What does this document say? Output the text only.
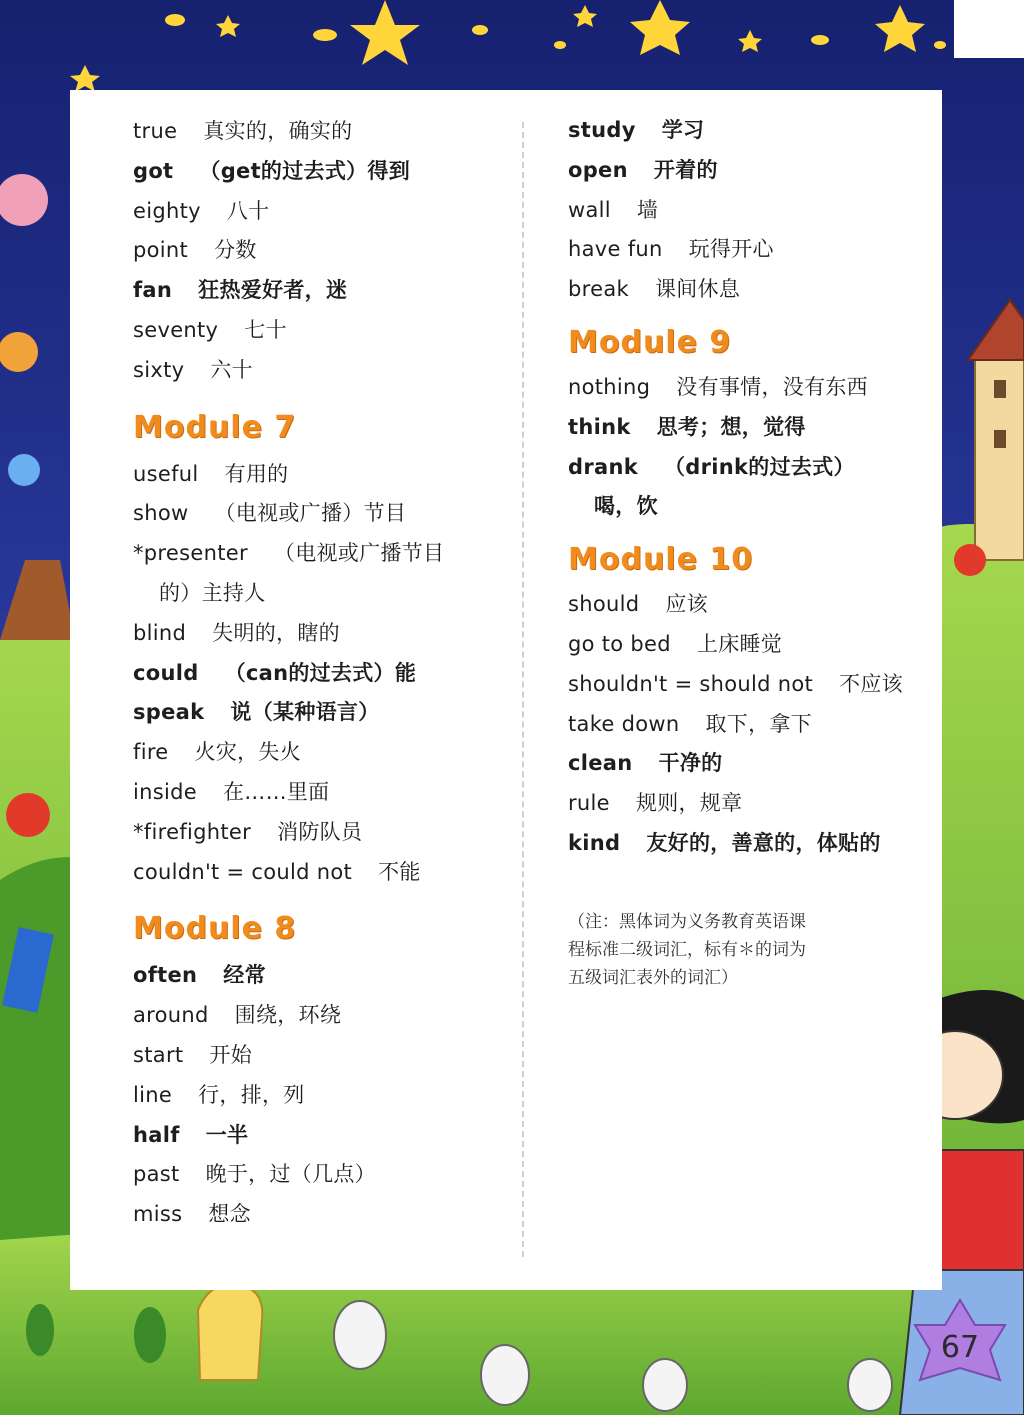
true 真实的，确实的
got （get的过去式）得到
eighty 八十
point 分数
fan 狂热爱好者，迷
seventy 七十
sixty 六十
Module 7
useful 有用的
show （电视或广播）节目
*presenter （电视或广播节目
的）主持人
blind 失明的，瞎的
could （can的过去式）能
speak 说（某种语言）
fire 火灾，失火
inside 在……里面
*firefighter 消防队员
couldn't = could not 不能
Module 8
often 经常
around 围绕，环绕
start 开始
line 行，排，列
half 一半
past 晚于，过（几点）
miss 想念
study 学习
open 开着的
wall 墙
have fun 玩得开心
break 课间休息
Module 9
nothing 没有事情，没有东西
think 思考；想，觉得
drank （drink的过去式）
喝，饮
Module 10
should 应该
go to bed 上床睡觉
shouldn't = should not 不应该
take down 取下，拿下
clean 干净的
rule 规则，规章
kind 友好的，善意的，体贴的
（注：黑体词为义务教育英语课
程标准二级词汇，标有＊的词为
五级词汇表外的词汇）
67
